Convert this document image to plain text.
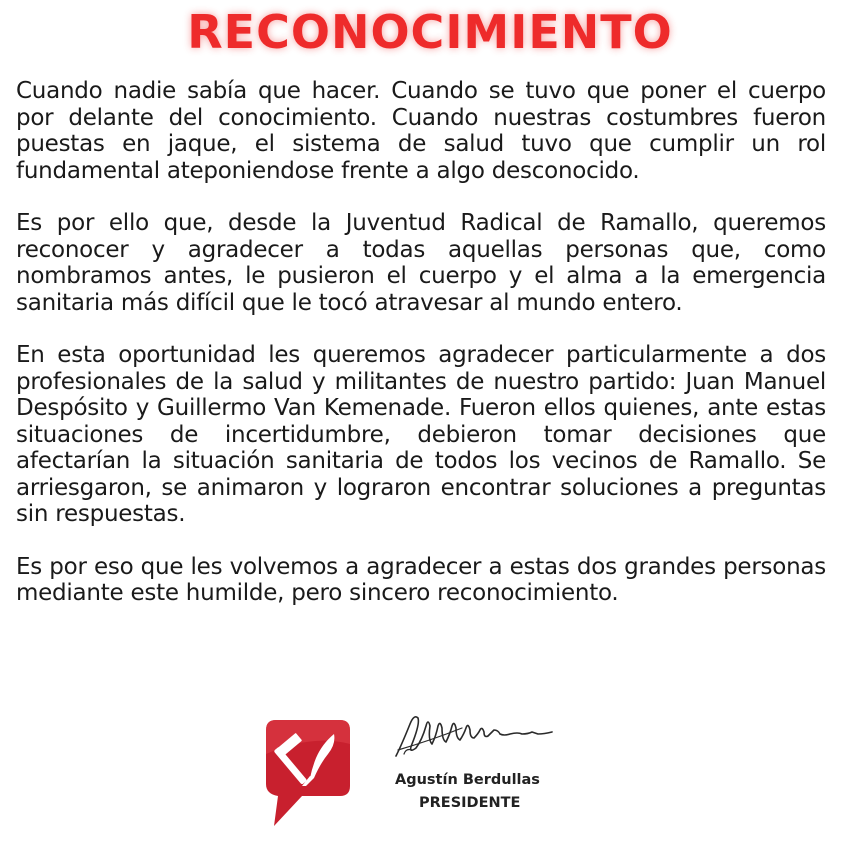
RECONOCIMIENTO

Cuando nadie sabía que hacer. Cuando se tuvo que poner el cuerpo por delante del conocimiento. Cuando nuestras costumbres fueron puestas en jaque, el sistema de salud tuvo que cumplir un rol fundamental ateponiendose frente a algo desconocido.

Es por ello que, desde la Juventud Radical de Ramallo, queremos reconocer y agradecer a todas aquellas personas que, como nombramos antes, le pusieron el cuerpo y el alma a la emergencia sanitaria más difícil que le tocó atravesar al mundo entero.

En esta oportunidad les queremos agradecer particularmente a dos profesionales de la salud y militantes de nuestro partido: Juan Manuel Despósito y Guillermo Van Kemenade. Fueron ellos quienes, ante estas situaciones de incertidumbre, debieron tomar decisiones que afectarían la situación sanitaria de todos los vecinos de Ramallo. Se arriesgaron, se animaron y lograron encontrar soluciones a preguntas sin respuestas.

Es por eso que les volvemos a agradecer a estas dos grandes personas mediante este humilde, pero sincero reconocimiento.

Agustín Berdullas
PRESIDENTE
